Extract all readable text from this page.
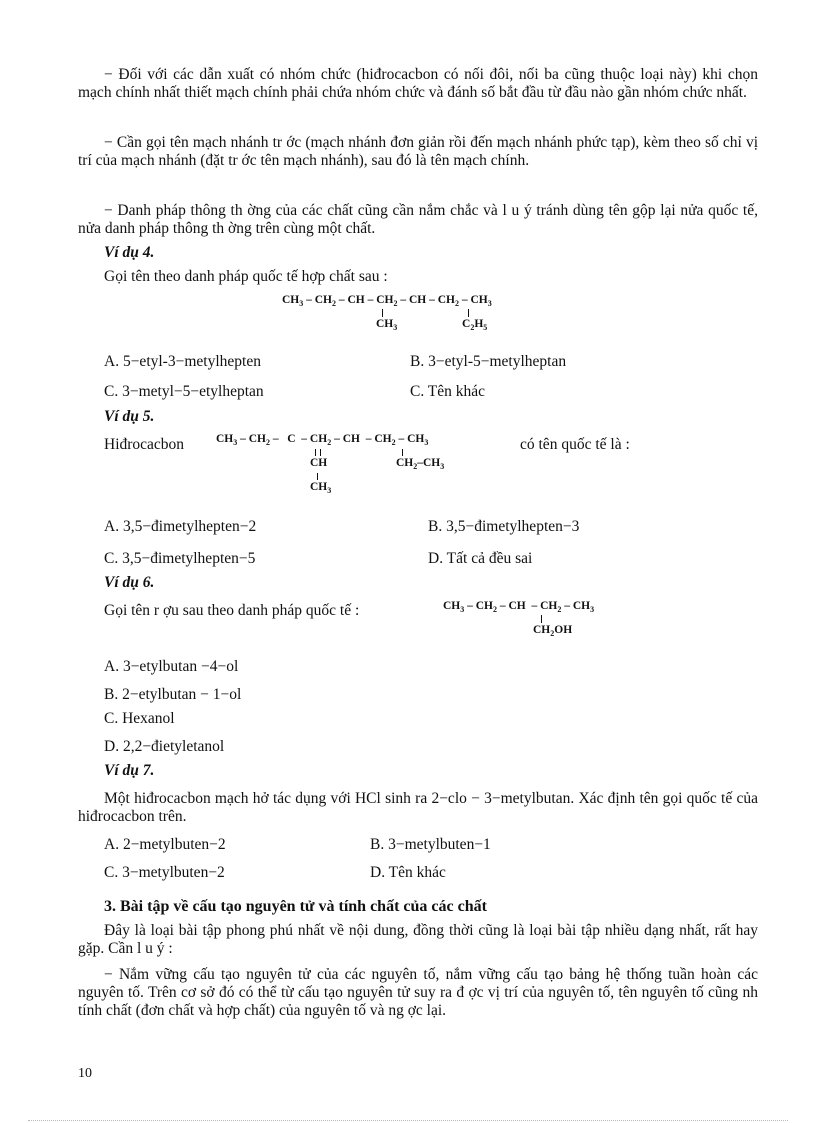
− Đối với các dẫn xuất có nhóm chức (hiđrocacbon có nối đôi, nối ba cũng thuộc loại này) khi chọn mạch chính nhất thiết mạch chính phải chứa nhóm chức và đánh số bắt đầu từ đầu nào gần nhóm chức nhất.

− Cần gọi tên mạch nhánh tr ớc (mạch nhánh đơn giản rồi đến mạch nhánh phức tạp), kèm theo số chỉ vị trí của mạch nhánh (đặt tr ớc tên mạch nhánh), sau đó là tên mạch chính.

− Danh pháp thông th ờng của các chất cũng cần nắm chắc và l u ý tránh dùng tên gộp lại nửa quốc tế, nửa danh pháp thông th ờng trên cùng một chất.

Ví dụ 4.

Gọi tên theo danh pháp quốc tế hợp chất sau :

$CH_3 - CH_2$ – CH – $CH_2$ – CH – $CH_2 - CH_3$
$CH_3$	$C_2H_5$

A. 5−etyl-3−metylhepten	B. 3−etyl-5−metylheptan

C. 3−metyl−5−etylheptan	C. Tên khác

Ví dụ 5.

Hiđrocacbon	$CH_3 - CH_2$ –   C  – $CH_2$ – CH  – $CH_2 - CH_3$
CH
$CH_3$
$CH_2-CH_3$

có tên quốc tế là :

A. 3,5−đimetylhepten−2	B. 3,5−đimetylhepten−3

C. 3,5−đimetylhepten−5	D. Tất cả đều sai

Ví dụ 6.

Gọi tên r ợu sau theo danh pháp quốc tế :	$CH_3 - CH_2$ – CH  – $CH_2 - CH_3$
$CH_2OH$

A. 3−etylbutan −4−ol

B. 2−etylbutan − 1−ol

C. Hexanol

D. 2,2−đietyletanol

Ví dụ 7.

Một hiđrocacbon mạch hở tác dụng với HCl sinh ra 2−clo − 3−metylbutan. Xác định tên gọi quốc tế của hiđrocacbon trên.

A. 2−metylbuten−2	B. 3−metylbuten−1

C. 3−metylbuten−2	D. Tên khác

3. Bài tập về cấu tạo nguyên tử và tính chất của các chất

Đây là loại bài tập phong phú nhất về nội dung, đồng thời cũng là loại bài tập nhiều dạng nhất, rất hay gặp. Cần l u ý :

− Nắm vững cấu tạo nguyên tử của các nguyên tố, nắm vững cấu tạo bảng hệ thống tuần hoàn các nguyên tố. Trên cơ sở đó có thể từ cấu tạo nguyên tử suy ra đ ợc vị trí của nguyên tố, tên nguyên tố cũng nh tính chất (đơn chất và hợp chất) của nguyên tố và ng ợc lại.

10
